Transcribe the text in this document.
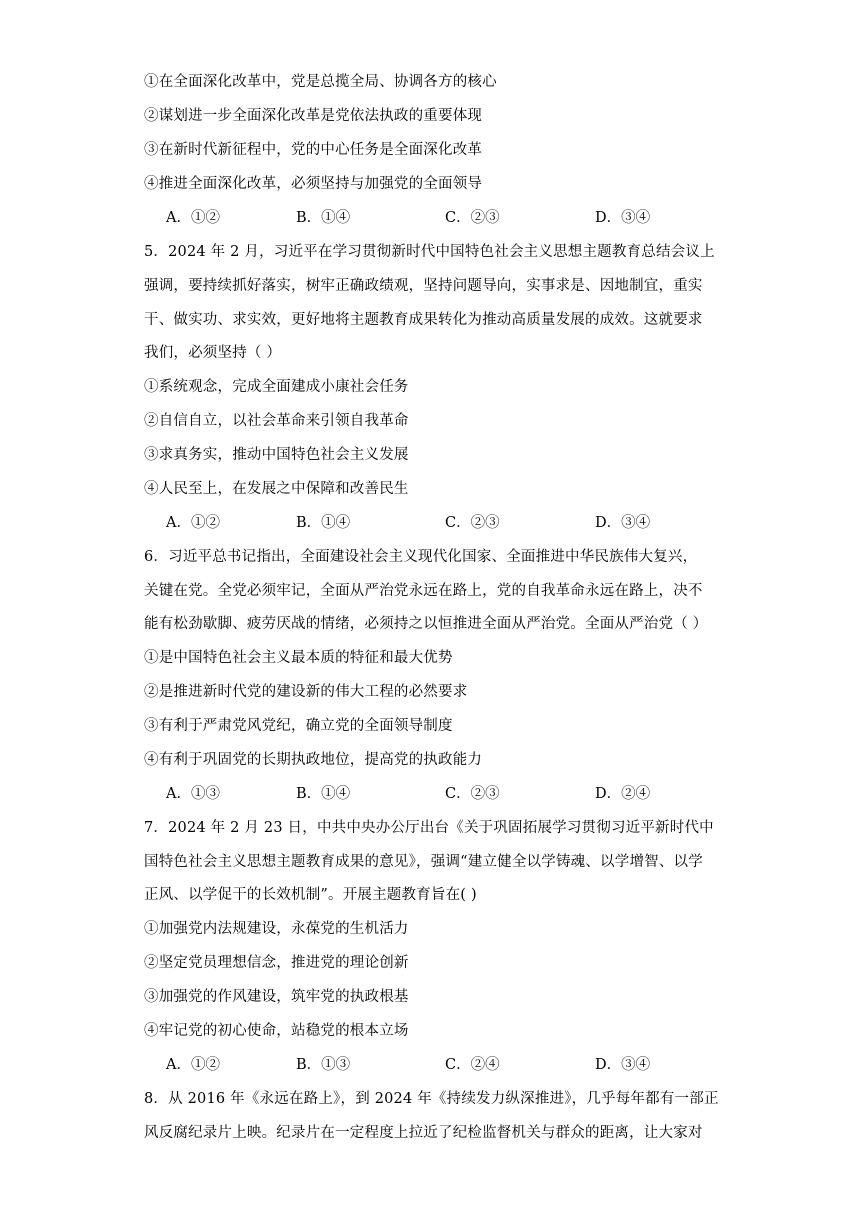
①在全面深化改革中，党是总揽全局、协调各方的核心
②谋划进一步全面深化改革是党依法执政的重要体现
③在新时代新征程中，党的中心任务是全面深化改革
④推进全面深化改革，必须坚持与加强党的全面领导
A．①②	B．①④	C．②③	D．③④
5．2024 年 2 月，习近平在学习贯彻新时代中国特色社会主义思想主题教育总结会议上
强调，要持续抓好落实，树牢正确政绩观，坚持问题导向，实事求是、因地制宜，重实
干、做实功、求实效，更好地将主题教育成果转化为推动高质量发展的成效。这就要求
我们，必须坚持（ ）
①系统观念，完成全面建成小康社会任务
②自信自立，以社会革命来引领自我革命
③求真务实，推动中国特色社会主义发展
④人民至上，在发展之中保障和改善民生
A．①②	B．①④	C．②③	D．③④
6．习近平总书记指出，全面建设社会主义现代化国家、全面推进中华民族伟大复兴，
关键在党。全党必须牢记，全面从严治党永远在路上，党的自我革命永远在路上，决不
能有松劲歇脚、疲劳厌战的情绪，必须持之以恒推进全面从严治党。全面从严治党（ ）
①是中国特色社会主义最本质的特征和最大优势
②是推进新时代党的建设新的伟大工程的必然要求
③有利于严肃党风党纪，确立党的全面领导制度
④有利于巩固党的长期执政地位，提高党的执政能力
A．①③	B．①④	C．②③	D．②④
7．2024 年 2 月 23 日，中共中央办公厅出台《关于巩固拓展学习贯彻习近平新时代中
国特色社会主义思想主题教育成果的意见》，强调“建立健全以学铸魂、以学增智、以学
正风、以学促干的长效机制”。开展主题教育旨在( )
①加强党内法规建设，永葆党的生机活力
②坚定党员理想信念，推进党的理论创新
③加强党的作风建设，筑牢党的执政根基
④牢记党的初心使命，站稳党的根本立场
A．①②	B．①③	C．②④	D．③④
8．从 2016 年《永远在路上》，到 2024 年《持续发力纵深推进》，几乎每年都有一部正
风反腐纪录片上映。纪录片在一定程度上拉近了纪检监督机关与群众的距离，让大家对
